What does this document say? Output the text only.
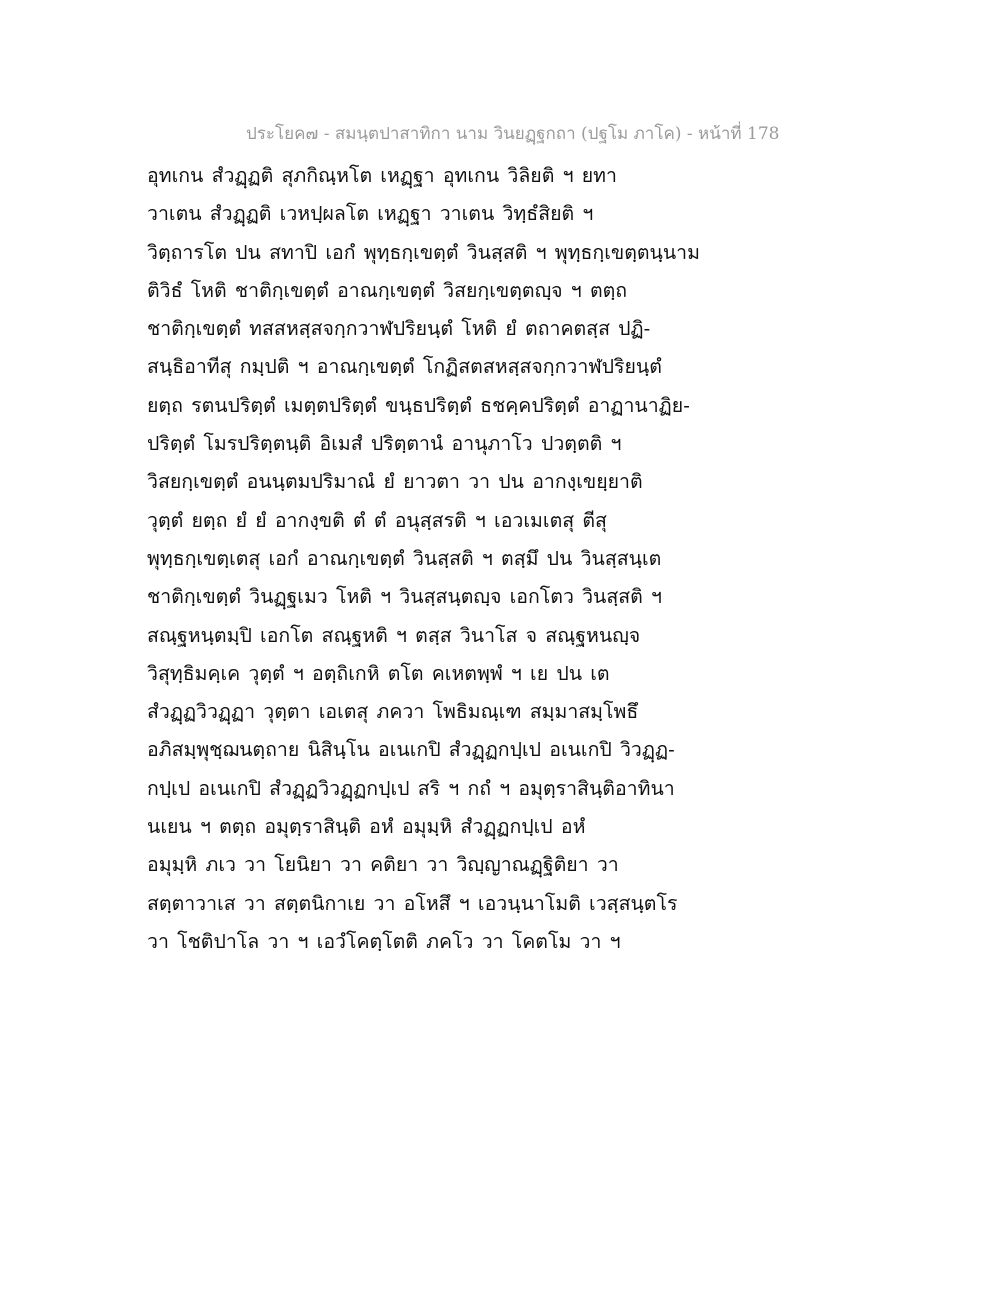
ประโยค๗ - สมนฺตปาสาทิกา นาม วินยฏฺฐกถา (ปฐโม ภาโค) - หน้าที่ 178
อุทเกน สํวฏฺฏติ สุภกิณฺหโต เหฏฺฐา อุทเกน วิลิยติ ฯ ยทา
วาเตน สํวฏฺฏติ เวหปฺผลโต เหฏฺฐา วาเตน วิทฺธํสิยติ ฯ
วิตฺถารโต ปน สทาปิ เอกํ พุทฺธกฺเขตฺตํ วินสฺสติ ฯ พุทฺธกฺเขตฺตนฺนาม
ติวิธํ โหติ ชาติกฺเขตฺตํ อาณกฺเขตฺตํ วิสยกฺเขตฺตญฺจ ฯ ตตฺถ
ชาติกฺเขตฺตํ ทสสหสฺสจกฺกวาฬปริยนฺตํ โหติ ยํ ตถาคตสฺส ปฏิ-
สนฺธิอาทีสุ กมฺปติ ฯ อาณกฺเขตฺตํ โกฏิสตสหสฺสจกฺกวาฬปริยนฺตํ
ยตฺถ รตนปริตฺตํ เมตฺตปริตฺตํ ขนฺธปริตฺตํ ธชคฺคปริตฺตํ อาฏานาฏิย-
ปริตฺตํ โมรปริตฺตนฺติ อิเมสํ ปริตฺตานํ อานุภาโว ปวตฺตติ ฯ
วิสยกฺเขตฺตํ อนนฺตมปริมาณํ ยํ ยาวตา วา ปน อากงฺเขยฺยาติ
วุตฺตํ ยตฺถ ยํ ยํ อากงฺขติ ตํ ตํ อนุสฺสรติ ฯ เอวเมเตสุ ตีสุ
พุทฺธกฺเขตฺเตสุ เอกํ อาณกฺเขตฺตํ วินสฺสติ ฯ ตสฺมึ ปน วินสฺสนฺเต
ชาติกฺเขตฺตํ วินฏฺฐเมว โหติ ฯ วินสฺสนฺตญฺจ เอกโตว วินสฺสติ ฯ
สณฺฐหนฺตมฺปิ เอกโต สณฺฐหติ ฯ ตสฺส วินาโส จ สณฺฐหนญฺจ
วิสุทฺธิมคฺเค วุตฺตํ ฯ อตฺถิเกหิ ตโต คเหตพฺพํ ฯ เย ปน เต
สํวฏฺฏวิวฏฺฏา วุตฺตา เอเตสุ ภควา โพธิมณฺเฑ สมฺมาสมฺโพธึ
อภิสมฺพุชฺฌนตฺถาย นิสินฺโน อเนเกปิ สํวฏฺฏกปฺเป อเนเกปิ วิวฏฺฏ-
กปฺเป อเนเกปิ สํวฏฺฏวิวฏฺฏกปฺเป สริ ฯ กถํ ฯ อมุตฺราสินฺติอาทินา
นเยน ฯ ตตฺถ อมุตฺราสินฺติ อหํ อมุมฺหิ สํวฏฺฏกปฺเป อหํ
อมุมฺหิ ภเว วา โยนิยา วา คติยา วา วิญฺญาณฏฺฐิติยา วา
สตฺตาวาเส วา สตฺตนิกาเย วา อโหสึ ฯ เอวนฺนาโมติ เวสฺสนฺตโร
วา โชติปาโล วา ฯ เอวํโคตฺโตติ ภคโว วา โคตโม วา ฯ
